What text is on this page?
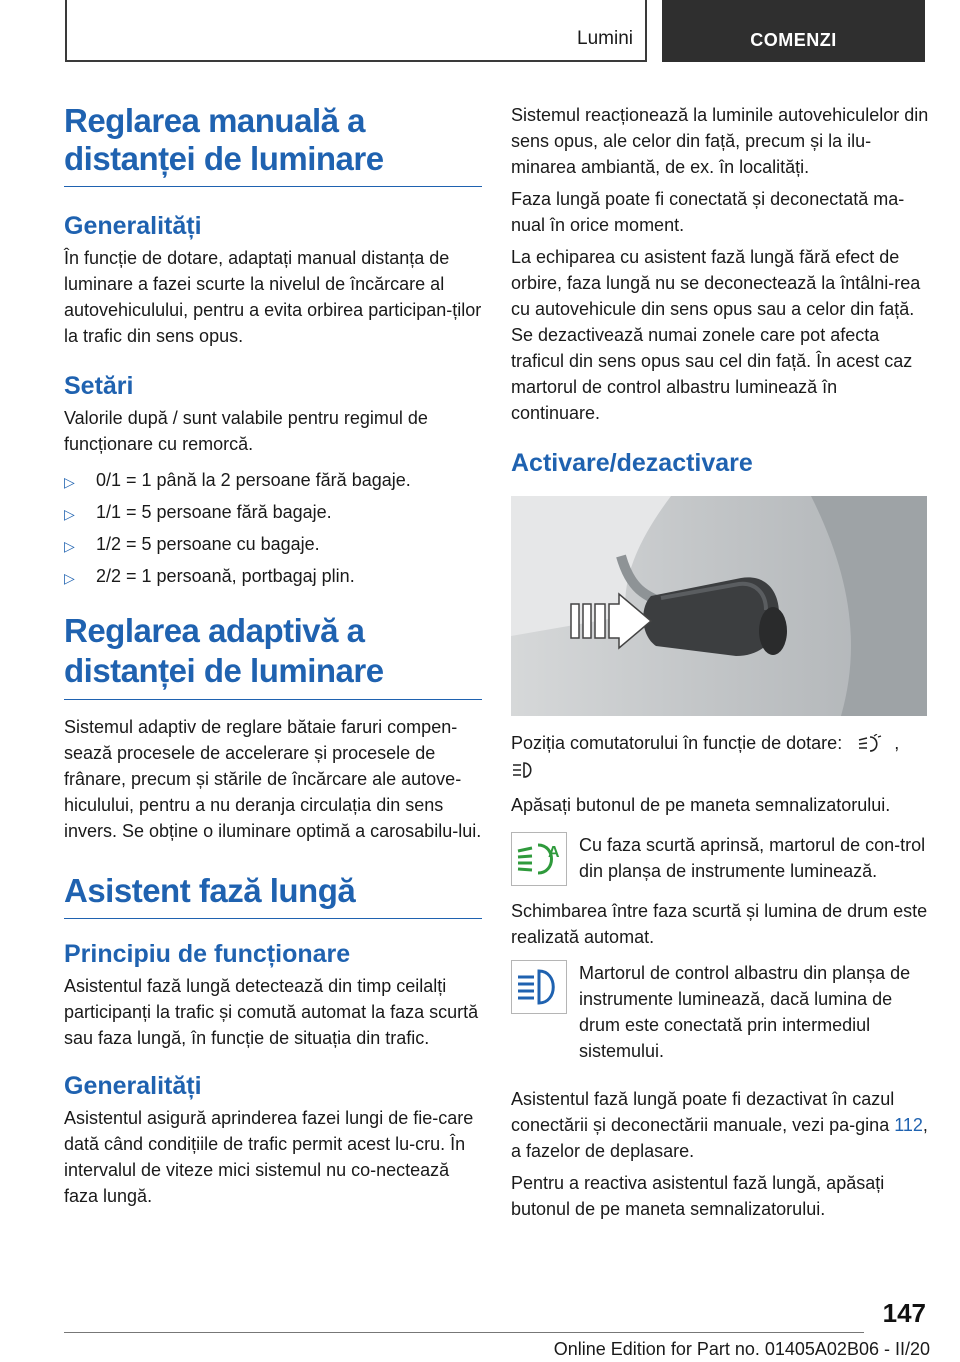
Lumini	COMENZI
Reglarea manuală a distanței de luminare
Generalități

În funcție de dotare, adaptați manual distanța de luminare a fazei scurte la nivelul de încărcare al autovehiculului, pentru a evita orbirea participan‐ților la trafic din sens opus.

Setări

Valorile după / sunt valabile pentru regimul de funcționare cu remorcă.

▷ 0/1 = 1 până la 2 persoane fără bagaje.
▷ 1/1 = 5 persoane fără bagaje.
▷ 1/2 = 5 persoane cu bagaje.
▷ 2/2 = 1 persoană, portbagaj plin.
Reglarea adaptivă a distanței de luminare

Sistemul adaptiv de reglare bătaie faruri compen‐sează procesele de accelerare și procesele de frânare, precum și stările de încărcare ale autove‐hiculului, pentru a nu deranja circulația din sens invers. Se obține o iluminare optimă a carosabilu‐lui.

Asistent fază lungă
Principiu de funcționare

Asistentul fază lungă detectează din timp ceilalți participanți la trafic și comută automat la faza scurtă sau faza lungă, în funcție de situația din trafic.

Generalități

Asistentul asigură aprinderea fazei lungi de fie‐care dată când condițiile de trafic permit acest lu‐cru. În intervalul de viteze mici sistemul nu co‐nectează faza lungă.

Sistemul reacționează la luminile autovehiculelor din sens opus, ale celor din față, precum și la ilu‐minarea ambiantă, de ex. în localități.

Faza lungă poate fi conectată și deconectată ma‐nual în orice moment.

La echiparea cu asistent fază lungă fără efect de orbire, faza lungă nu se deconectează la întâlni‐rea cu autovehicule din sens opus sau a celor din față. Se dezactivează numai zonele care pot afecta traficul din sens opus sau cel din față. În acest caz martorul de control albastru luminează în continuare.

Activare/dezactivare

Poziția comutatorului în funcție de dotare:	,

Apăsați butonul de pe maneta semnalizatorului.

A Cu faza scurtă aprinsă, martorul de con‐trol din planșa de instrumente luminează.

Schimbarea între faza scurtă și lumina de drum este realizată automat.

Martorul de control albastru din planșa de instrumente luminează, dacă lumina de drum este conectată prin intermediul sistemului.

Asistentul fază lungă poate fi dezactivat în cazul conectării și deconectării manuale, vezi pa‐gina 112, a fazelor de deplasare.

Pentru a reactiva asistentul fază lungă, apăsați butonul de pe maneta semnalizatorului.

147
Online Edition for Part no. 01405A02B06 - II/20
